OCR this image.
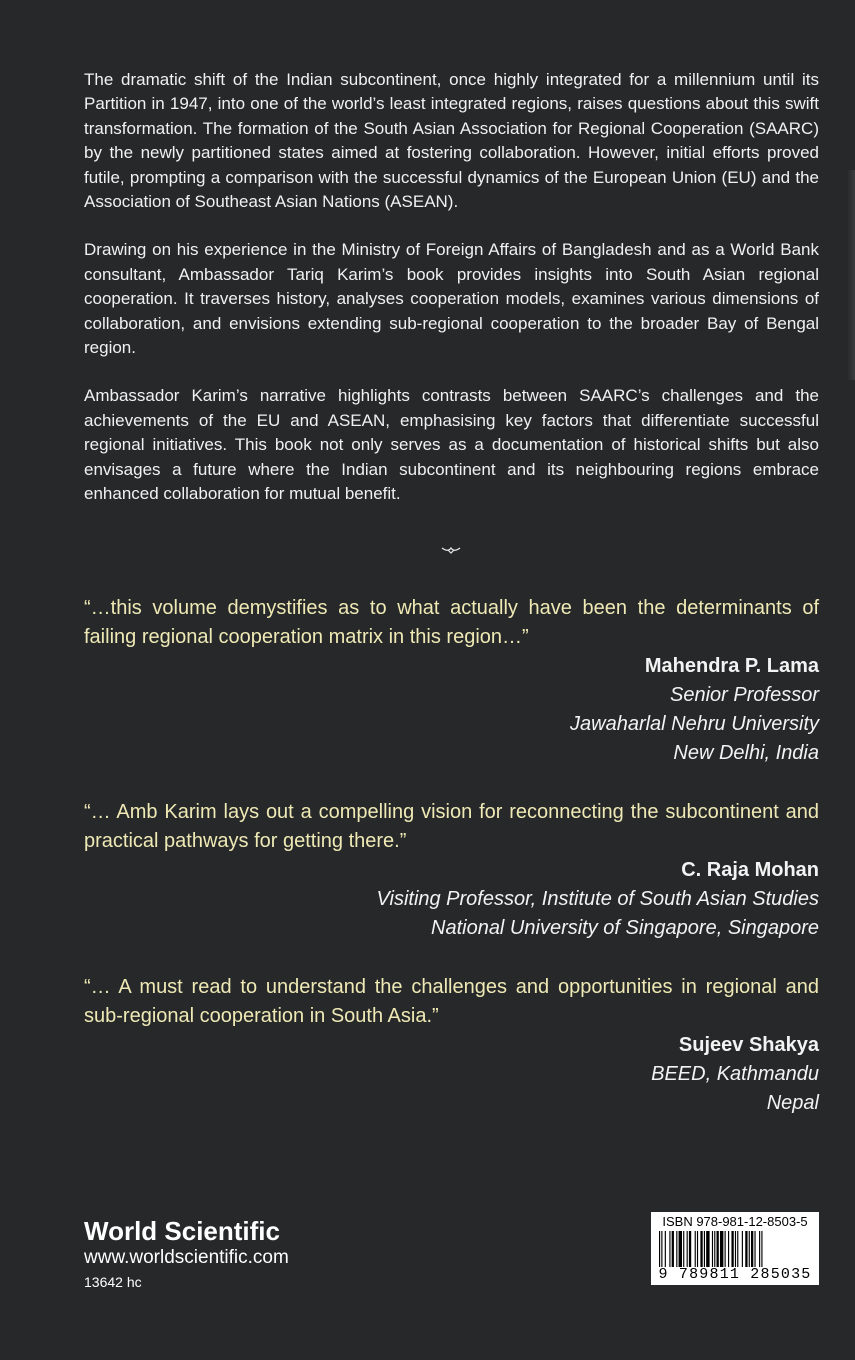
The dramatic shift of the Indian subcontinent, once highly integrated for a millennium until its Partition in 1947, into one of the world’s least integrated regions, raises questions about this swift transformation. The formation of the South Asian Association for Regional Cooperation (SAARC) by the newly partitioned states aimed at fostering collaboration. However, initial efforts proved futile, prompting a comparison with the successful dynamics of the European Union (EU) and the Association of Southeast Asian Nations (ASEAN).

Drawing on his experience in the Ministry of Foreign Affairs of Bangladesh and as a World Bank consultant, Ambassador Tariq Karim’s book provides insights into South Asian regional cooperation. It traverses history, analyses cooperation models, examines various dimensions of collaboration, and envisions extending sub-regional cooperation to the broader Bay of Bengal region.

Ambassador Karim’s narrative highlights contrasts between SAARC’s challenges and the achievements of the EU and ASEAN, emphasising key factors that differentiate successful regional initiatives. This book not only serves as a documentation of historical shifts but also envisages a future where the Indian subcontinent and its neighbouring regions embrace enhanced collaboration for mutual benefit.

“…this volume demystifies as to what actually have been the determinants of failing regional cooperation matrix in this region…”

Mahendra P. Lama
Senior Professor
Jawaharlal Nehru University
New Delhi, India

“… Amb Karim lays out a compelling vision for reconnecting the subcontinent and practical pathways for getting there.”

C. Raja Mohan
Visiting Professor, Institute of South Asian Studies
National University of Singapore, Singapore

“… A must read to understand the challenges and opportunities in regional and sub-regional cooperation in South Asia.”

Sujeev Shakya
BEED, Kathmandu
Nepal
World Scientific
www.worldscientific.com
13642 hc
ISBN 978-981-12-8503-5
9 789811 285035
